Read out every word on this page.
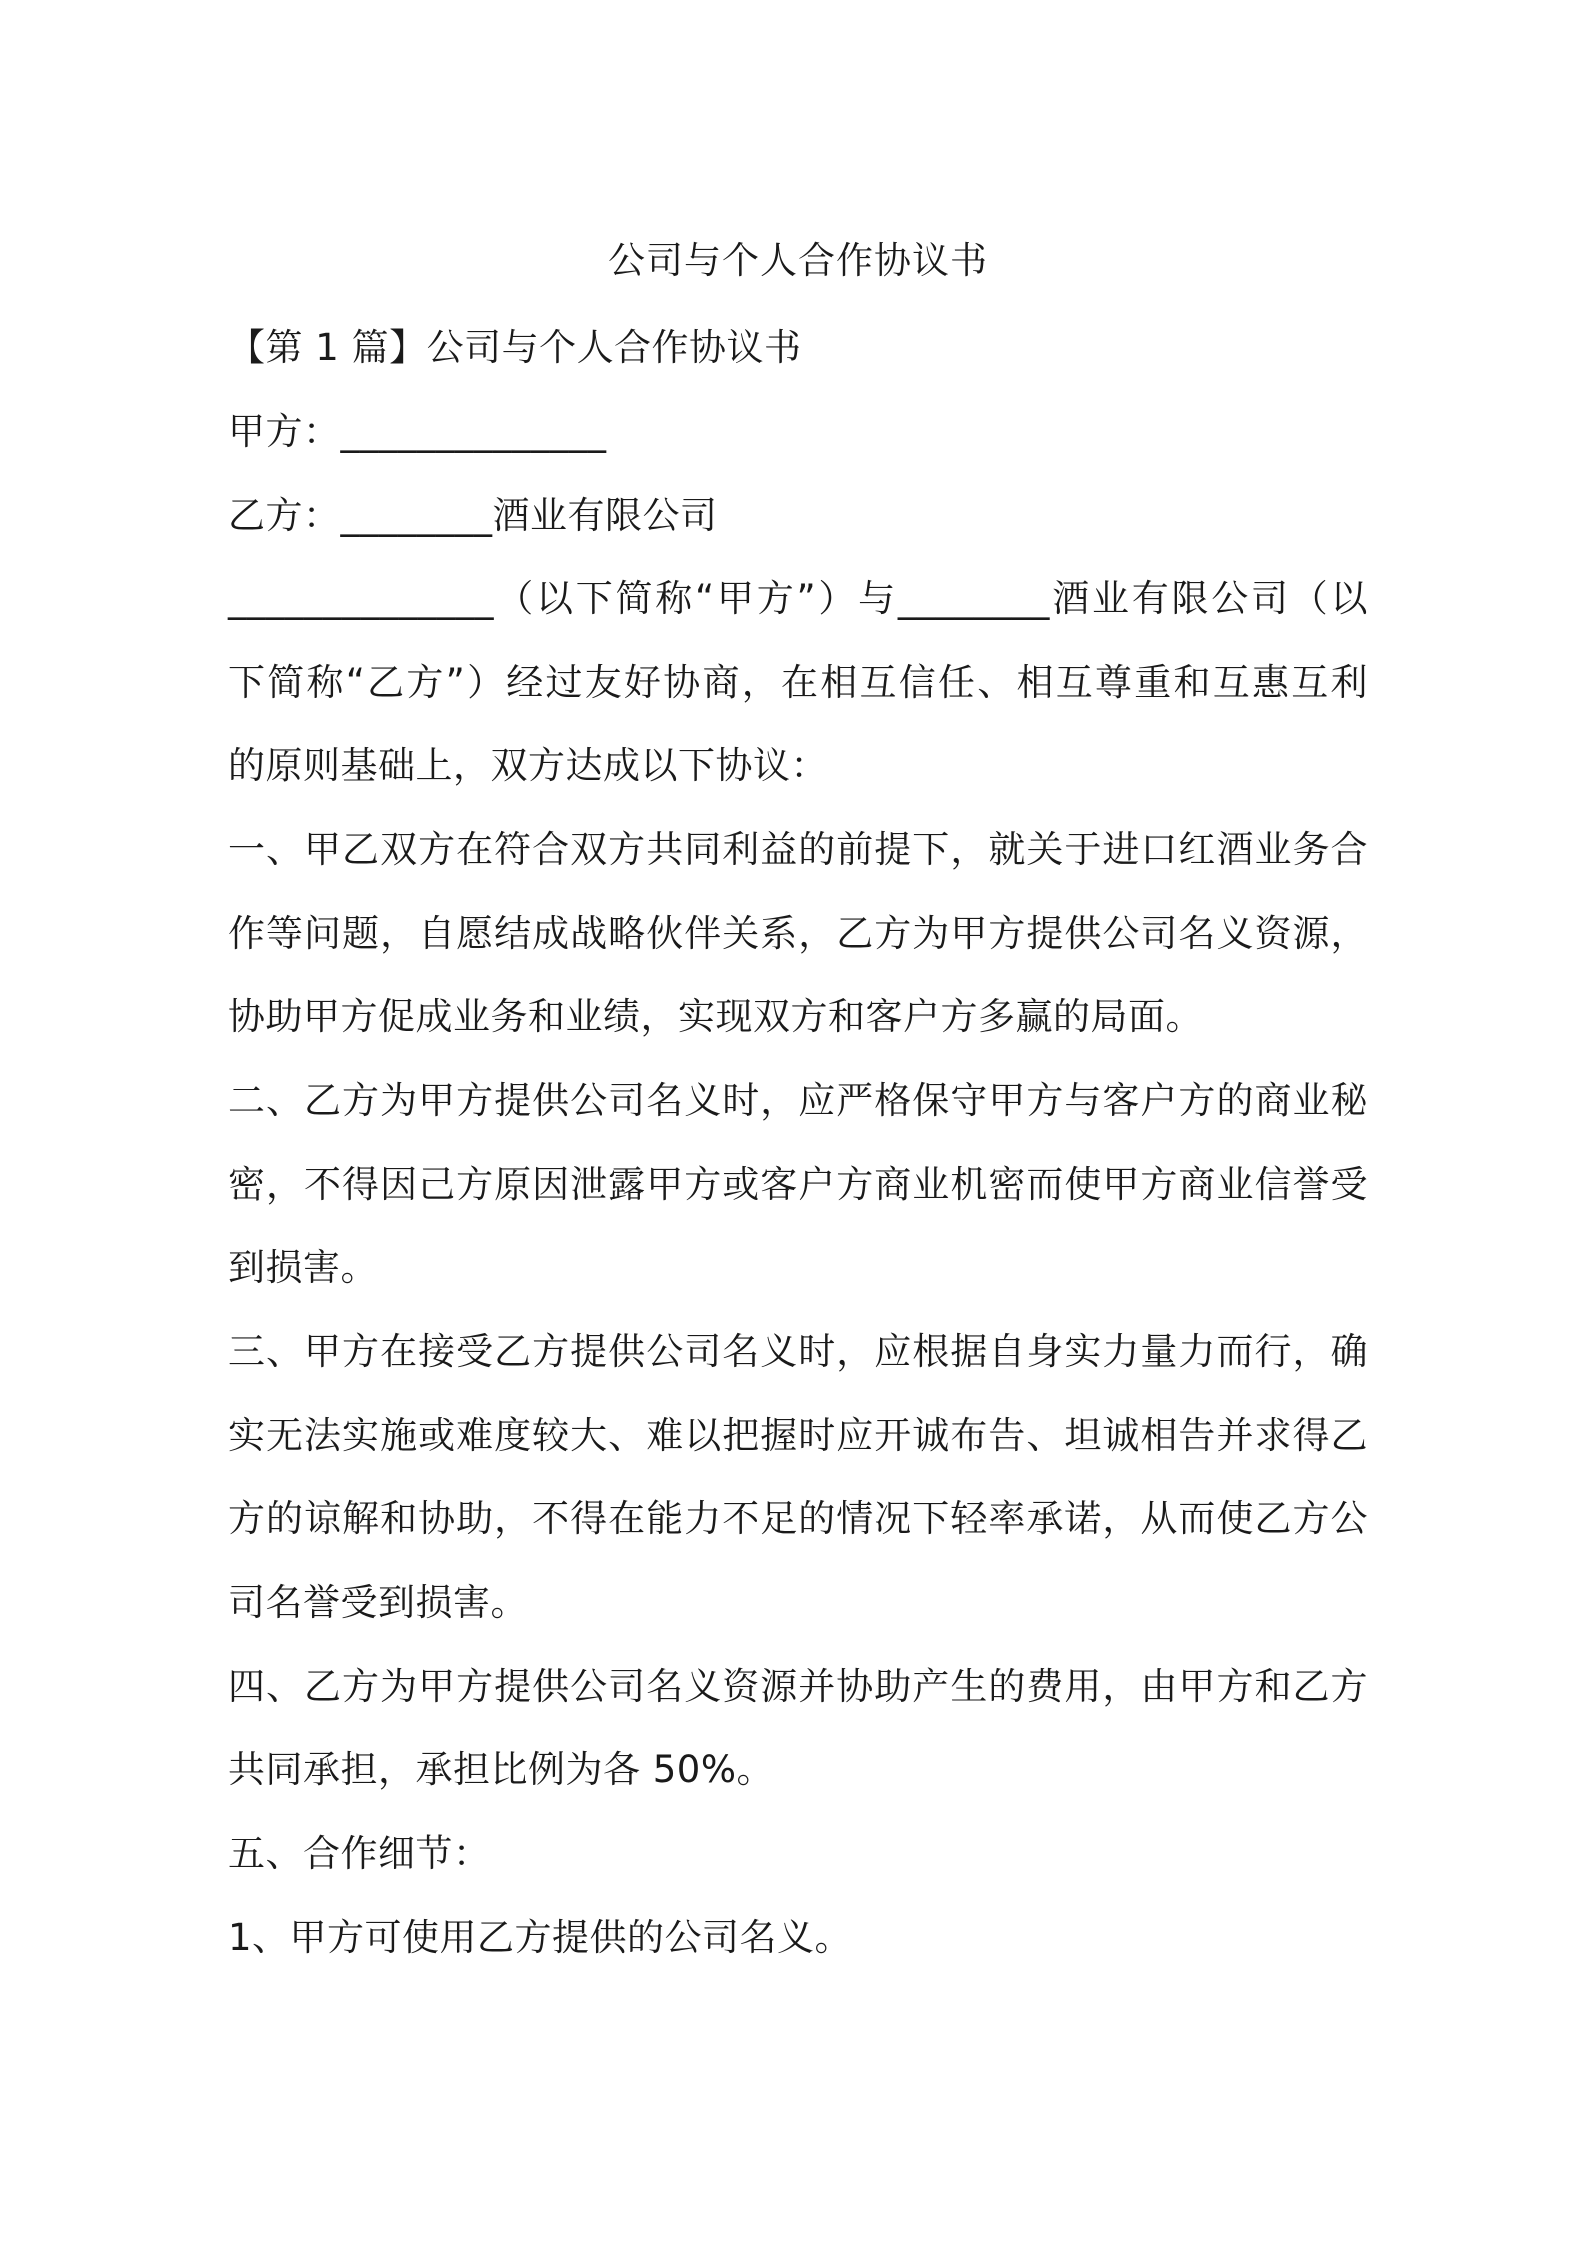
公司与个人合作协议书
【第 1 篇】公司与个人合作协议书
甲方：______________
乙方：________酒业有限公司
______________（以下简称“甲方”）与________酒业有限公司（以
下简称“乙方”）经过友好协商，在相互信任、相互尊重和互惠互利
的原则基础上，双方达成以下协议：
一、甲乙双方在符合双方共同利益的前提下，就关于进口红酒业务合
作等问题，自愿结成战略伙伴关系，乙方为甲方提供公司名义资源，
协助甲方促成业务和业绩，实现双方和客户方多赢的局面。
二、乙方为甲方提供公司名义时，应严格保守甲方与客户方的商业秘
密，不得因己方原因泄露甲方或客户方商业机密而使甲方商业信誉受
到损害。
三、甲方在接受乙方提供公司名义时，应根据自身实力量力而行，确
实无法实施或难度较大、难以把握时应开诚布告、坦诚相告并求得乙
方的谅解和协助，不得在能力不足的情况下轻率承诺，从而使乙方公
司名誉受到损害。
四、乙方为甲方提供公司名义资源并协助产生的费用，由甲方和乙方
共同承担，承担比例为各 50%。
五、合作细节：
1、甲方可使用乙方提供的公司名义。
